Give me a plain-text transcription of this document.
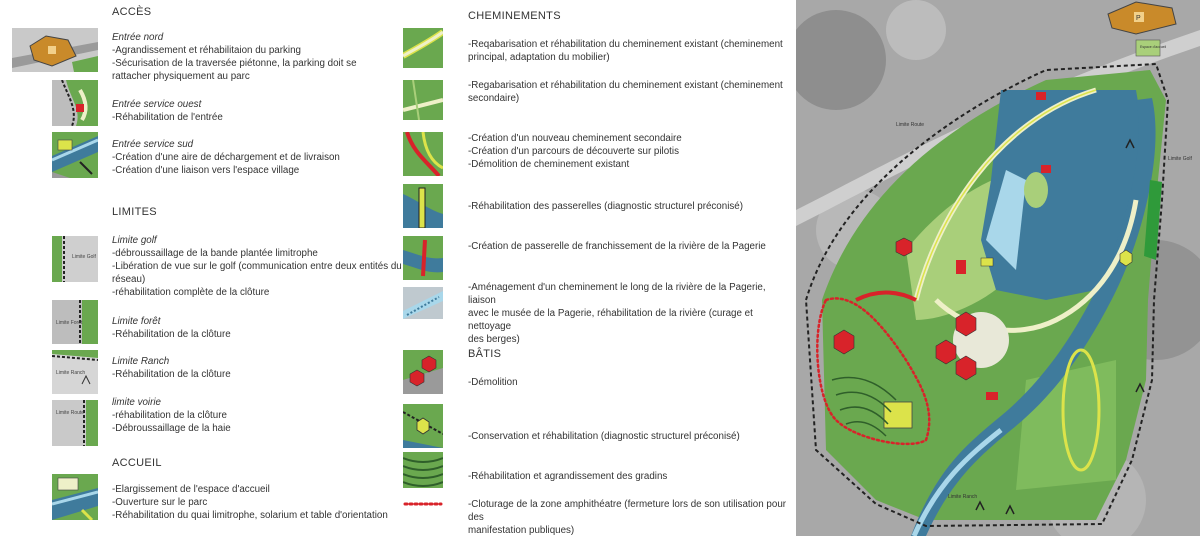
ACCÈS
LIMITES
ACCUEIL
CHEMINEMENTS
BÂTIS
Limite Golf
Limite Forêt
Limite Ranch
Limite Route
Entrée nord
-Agrandissement et réhabilitaion du parking
-Sécurisation de la traversée piétonne, la parking doit se
rattacher physiquement au parc
Entrée service ouest
-Réhabilitation de l'entrée
Entrée service sud
-Création d'une aire de déchargement et de livraison
-Création d'une liaison vers l'espace village
Limite golf
-débroussaillage de la bande plantée limitrophe
-Libération de vue sur le golf (communication entre deux entités du
réseau)
-réhabilitation complète de la clôture
Limite forêt
-Réhabilitation de la clôture
Limite Ranch
-Réhabilitation de la clôture
limite voirie
-réhabilitation de la clôture
-Débroussaillage de la haie
-Elargissement de l'espace d'accueil
-Ouverture sur le parc
-Réhabilitation du quai limitrophe, solarium et table d'orientation
-Reqabarisation et réhabilitation du cheminement existant (cheminement
principal, adaptation du mobilier)
-Regabarisation et réhabilitation du cheminement existant (cheminement
secondaire)
-Création d'un nouveau cheminement secondaire
-Création d'un parcours de découverte sur pilotis
-Démolition de cheminement existant
-Réhabilitation des passerelles (diagnostic structurel préconisé)
-Création de passerelle de franchissement de la rivière de la Pagerie
-Aménagement d'un cheminement le long de la rivière de la Pagerie, liaison
avec le musée de la Pagerie, réhabilitation de la rivière (curage et nettoyage
des berges)
-Démolition
-Conservation et réhabilitation (diagnostic structurel préconisé)
-Réhabilitation et agrandissement des gradins
-Cloturage de la zone amphithéatre (fermeture lors de son utilisation pour des
manifestation publiques)
P
Espace d'accueil
Limite Route
Limite Golf
Limite Ranch
